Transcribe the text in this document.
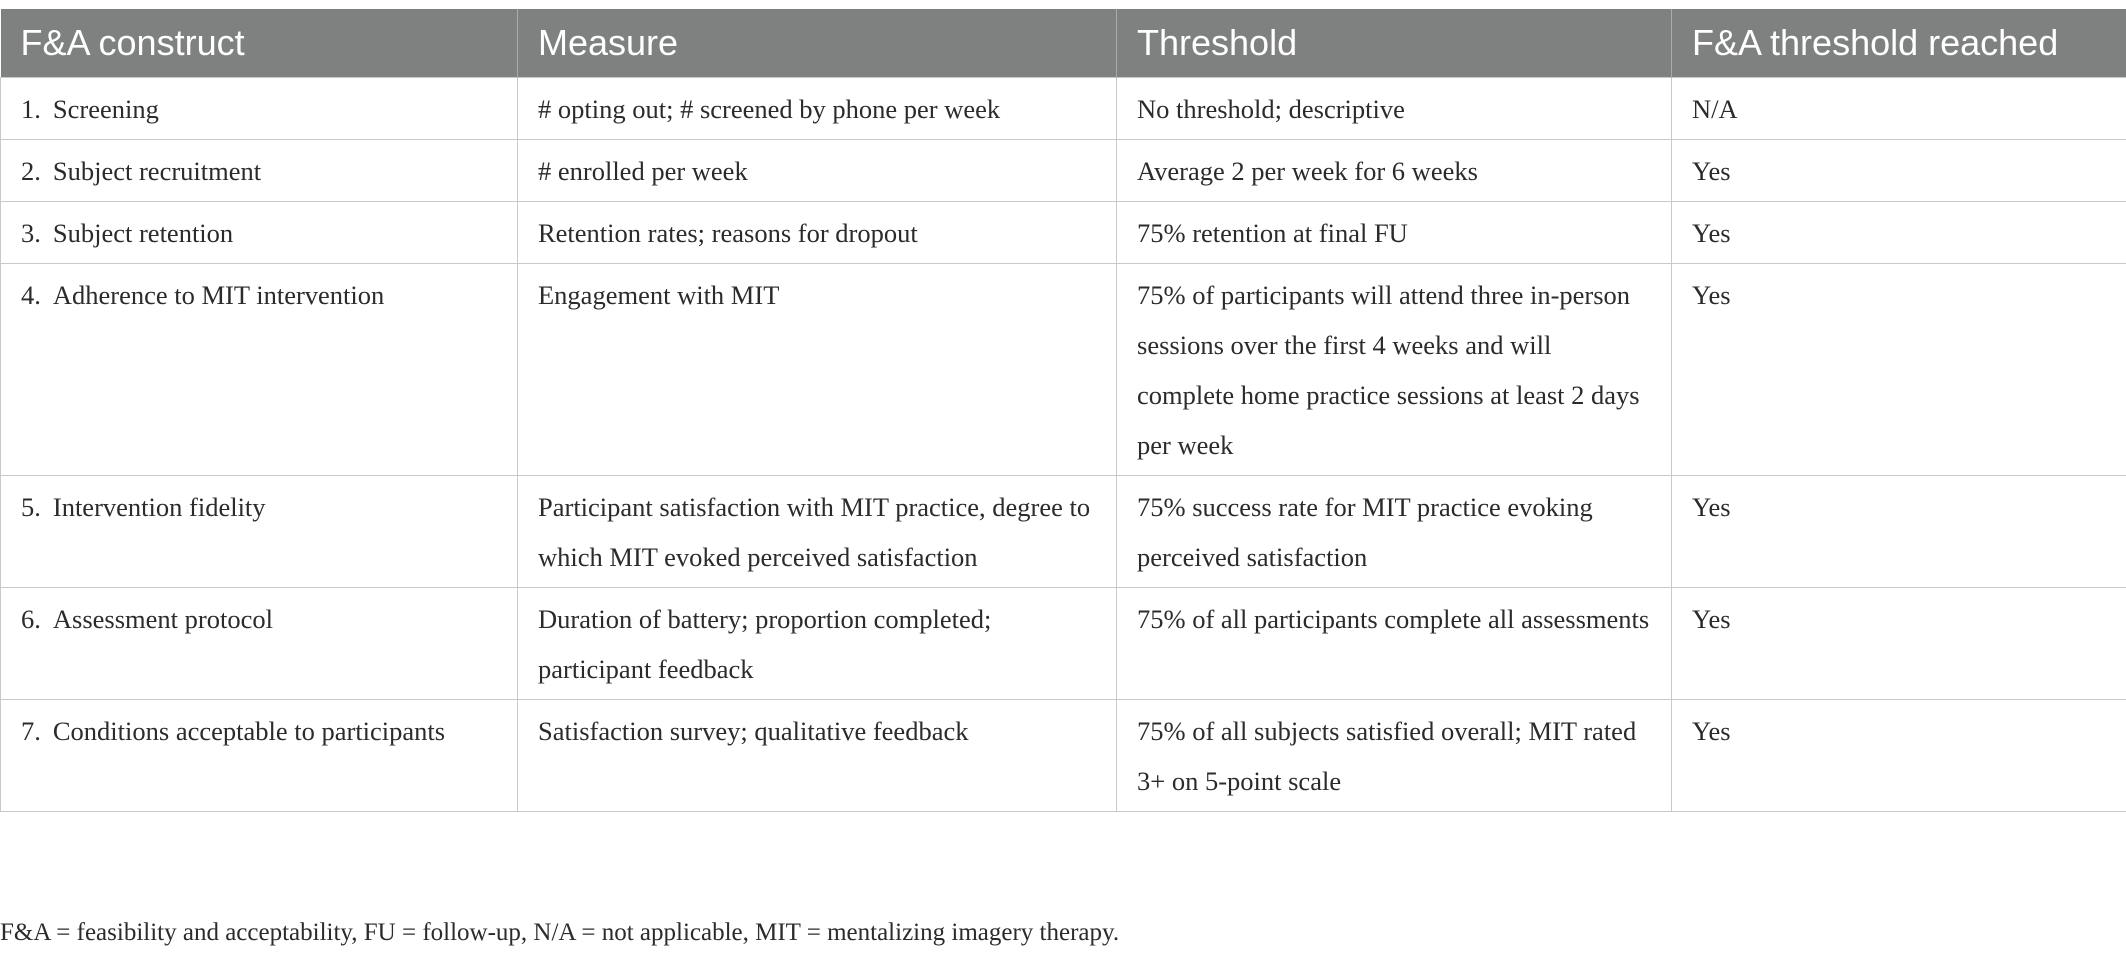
F&A construct	Measure	Threshold	F&A threshold reached
1. Screening	# opting out; # screened by phone per week	No threshold; descriptive	N/A
2. Subject recruitment	# enrolled per week	Average 2 per week for 6 weeks	Yes
3. Subject retention	Retention rates; reasons for dropout	75% retention at final FU	Yes
4. Adherence to MIT intervention	Engagement with MIT	75% of participants will attend three in-person sessions over the first 4 weeks and will complete home practice sessions at least 2 days per week	Yes
5. Intervention fidelity	Participant satisfaction with MIT practice, degree to which MIT evoked perceived satisfaction	75% success rate for MIT practice evoking perceived satisfaction	Yes
6. Assessment protocol	Duration of battery; proportion completed; participant feedback	75% of all participants complete all assessments	Yes
7. Conditions acceptable to participants	Satisfaction survey; qualitative feedback	75% of all subjects satisfied overall; MIT rated 3+ on 5-point scale	Yes
F&A = feasibility and acceptability, FU = follow-up, N/A = not applicable, MIT = mentalizing imagery therapy.
